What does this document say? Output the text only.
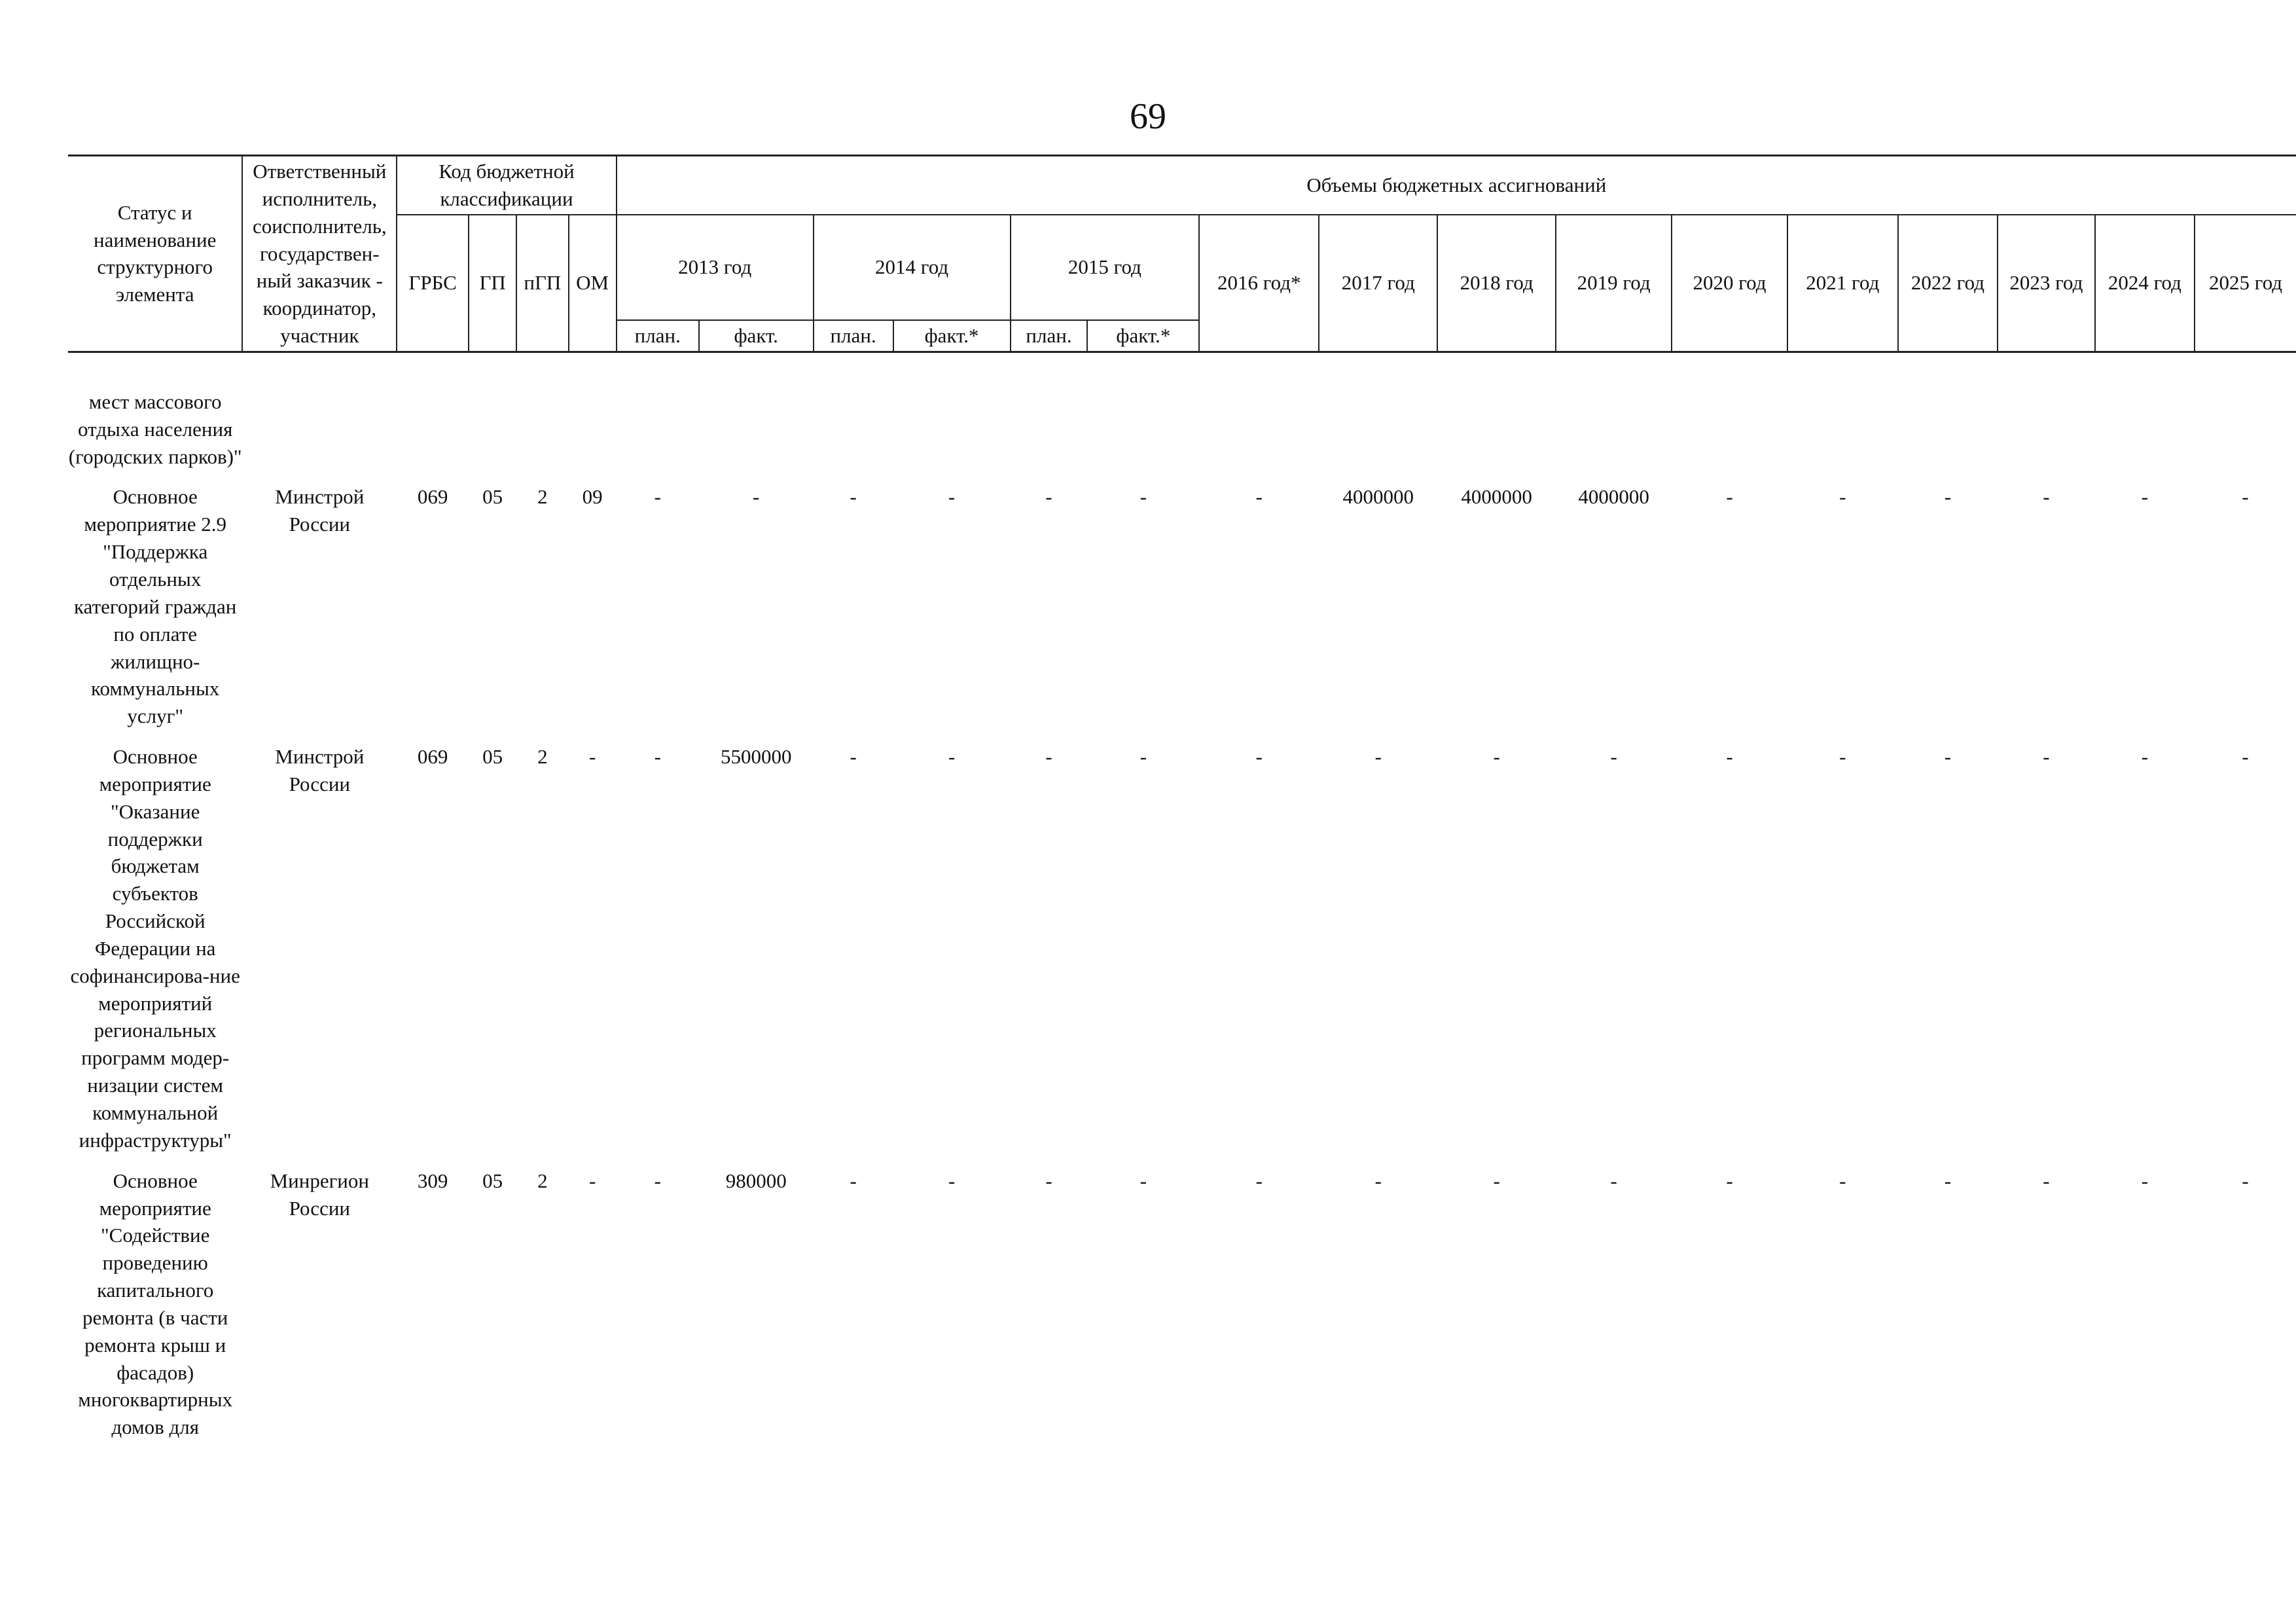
69
Статус и наименование структурного элемента	Ответственный исполнитель, соисполнитель, государствен-ный заказчик - координатор, участник	Код бюджетной классификации				Объемы бюджетных ассигнований															
		ГРБС	ГП	пГП	ОМ	2013 год		2014 год		2015 год		2016 год*	2017 год	2018 год	2019 год	2020 год	2021 год	2022 год	2023 год	2024 год	2025 год
						план.	факт.	план.	факт.*	план.	факт.*										

мест массового отдыха населения (городских парков)"																					
Основное мероприятие 2.9 "Поддержка отдельных категорий граждан по оплате жилищно-коммунальных услуг"	Минстрой России	069	05	2	09	-	-	-	-	-	-	-	4000000	4000000	4000000	-	-	-	-	-	-
Основное мероприятие "Оказание поддержки бюджетам субъектов Российской Федерации на софинансирова-ние мероприятий региональных программ модер-низации систем коммунальной инфраструктуры"	Минстрой России	069	05	2	-	-	5500000	-	-	-	-	-	-	-	-	-	-	-	-	-	-
Основное мероприятие "Содействие проведению капитального ремонта (в части ремонта крыш и фасадов) многоквартирных домов для	Минрегион России	309	05	2	-	-	980000	-	-	-	-	-	-	-	-	-	-	-	-	-	-
